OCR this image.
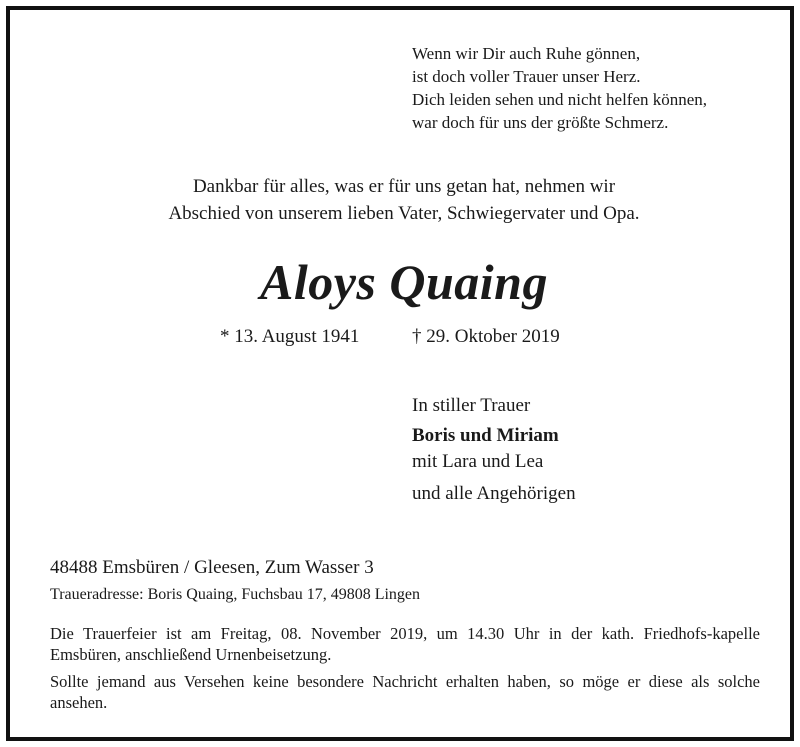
Wenn wir Dir auch Ruhe gönnen,
ist doch voller Trauer unser Herz.
Dich leiden sehen und nicht helfen können,
war doch für uns der größte Schmerz.
Dankbar für alles, was er für uns getan hat, nehmen wir
Abschied von unserem lieben Vater, Schwiegervater und Opa.
Aloys Quaing
* 13. August 1941	† 29. Oktober 2019
In stiller Trauer
Boris und Miriam
mit Lara und Lea
und alle Angehörigen
48488 Emsbüren / Gleesen, Zum Wasser 3
Traueradresse: Boris Quaing, Fuchsbau 17, 49808 Lingen

Die Trauerfeier ist am Freitag, 08. November 2019, um 14.30 Uhr in der kath. Friedhofs-kapelle Emsbüren, anschließend Urnenbeisetzung.

Sollte jemand aus Versehen keine besondere Nachricht erhalten haben, so möge er diese als solche ansehen.
